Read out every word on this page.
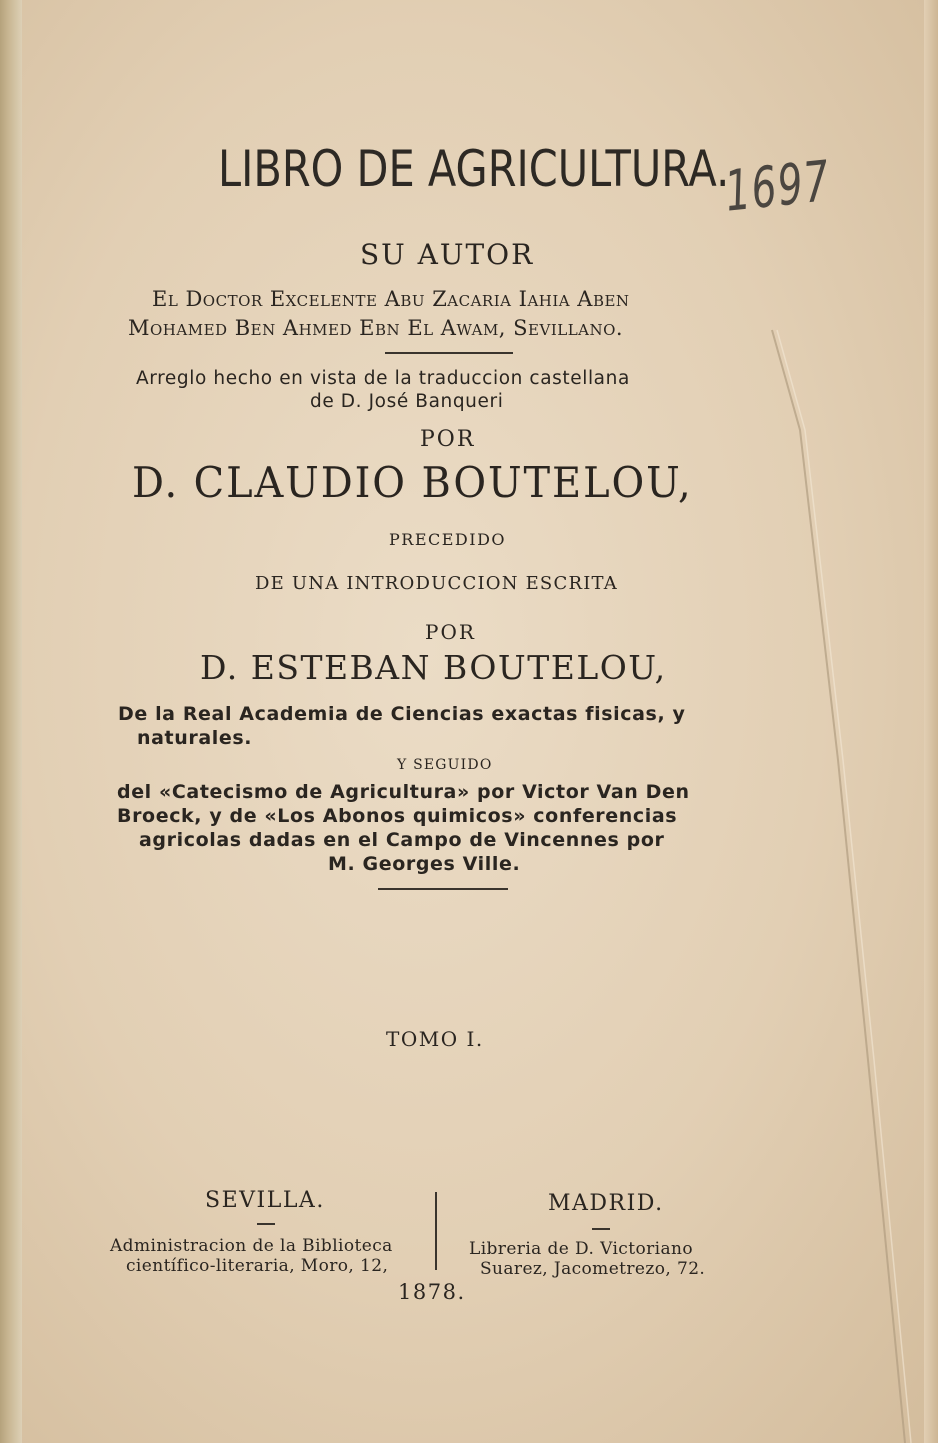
LIBRO DE AGRICULTURA.
1697
SU AUTOR
El Doctor Excelente Abu Zacaria Iahia Aben
Mohamed Ben Ahmed Ebn El Awam, Sevillano.
Arreglo hecho en vista de la traduccion castellana
de D. José Banqueri
POR
D. CLAUDIO BOUTELOU,
PRECEDIDO
DE UNA INTRODUCCION ESCRITA
POR
D. ESTEBAN BOUTELOU,
De la Real Academia de Ciencias exactas fisicas, y
naturales.
Y SEGUIDO
del «Catecismo de Agricultura» por Victor Van Den
Broeck, y de «Los Abonos quimicos» conferencias
agricolas dadas en el Campo de Vincennes por
M. Georges Ville.
TOMO I.
SEVILLA.
Administracion de la Biblioteca
científico-literaria, Moro, 12,
MADRID.
Libreria de D. Victoriano
Suarez, Jacometrezo, 72.
1878.
